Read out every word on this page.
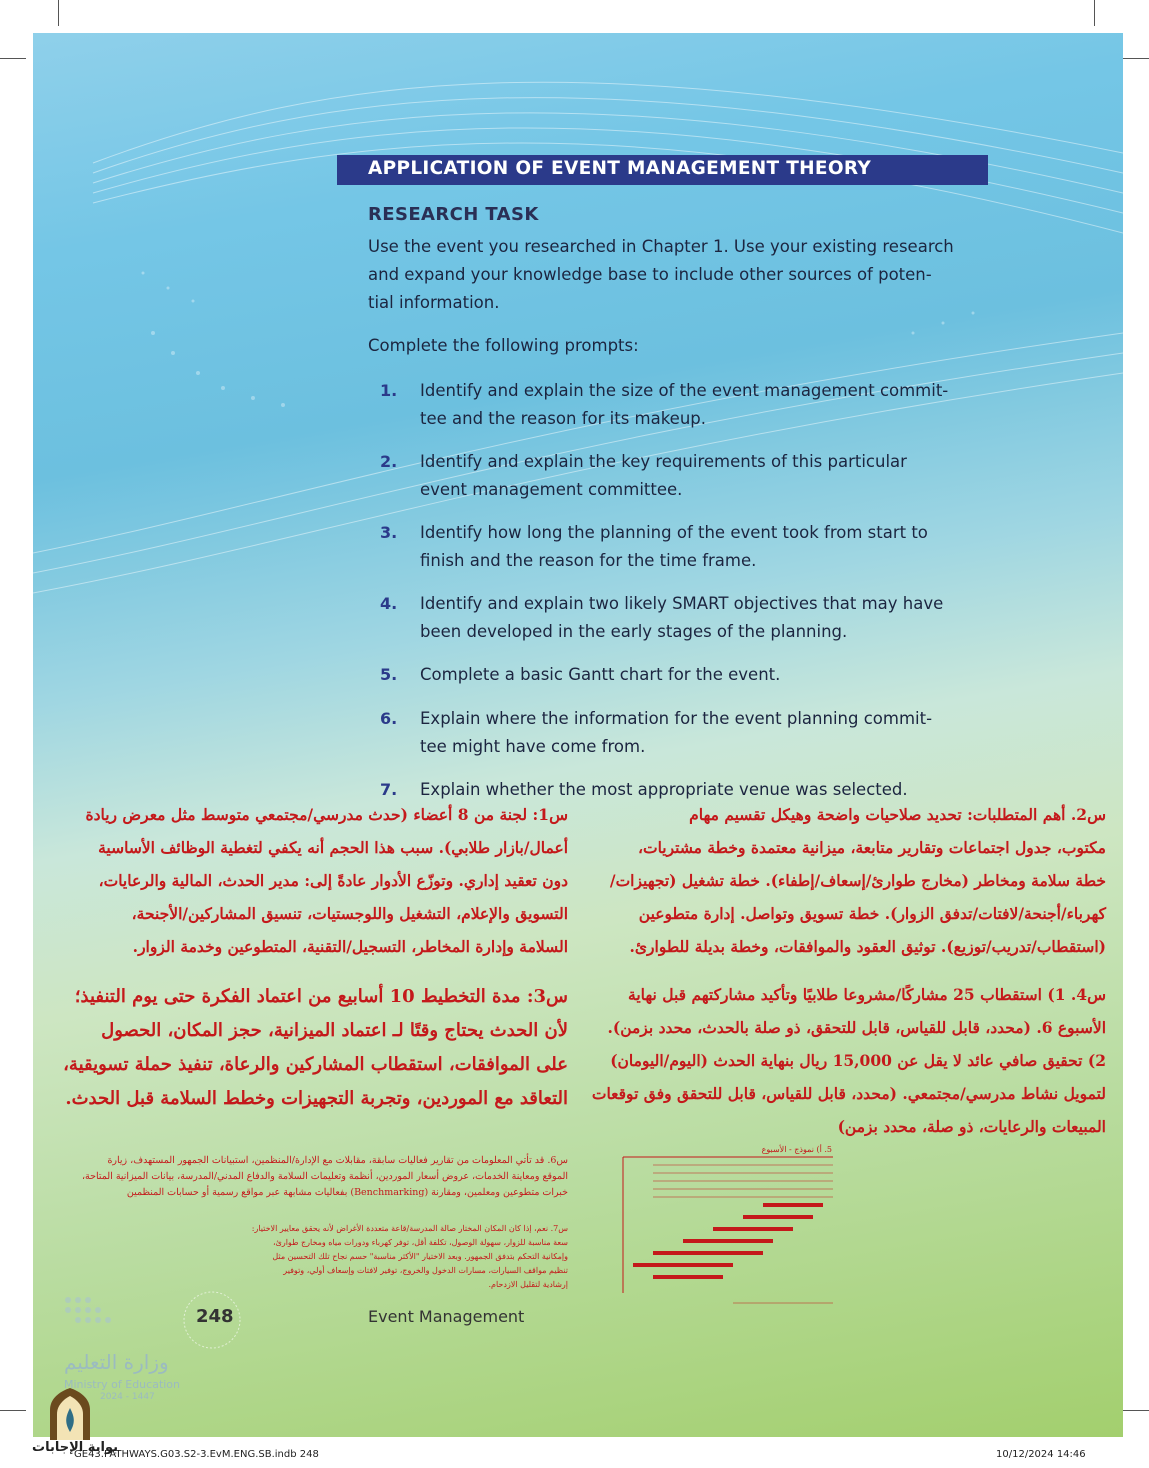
APPLICATION OF EVENT MANAGEMENT THEORY
RESEARCH TASK
Use the event you researched in Chapter 1. Use your existing research
and expand your knowledge base to include other sources of poten-
tial information.
Complete the following prompts:
1. Identify and explain the size of the event management commit-
tee and the reason for its makeup.
2. Identify and explain the key requirements of this particular
event management committee.
3. Identify how long the planning of the event took from start to
finish and the reason for the time frame.
4. Identify and explain two likely SMART objectives that may have
been developed in the early stages of the planning.
5. Complete a basic Gantt chart for the event.
6. Explain where the information for the event planning commit-
tee might have come from.
7. Explain whether the most appropriate venue was selected.
س1: لجنة من 8 أعضاء (حدث مدرسي/مجتمعي متوسط مثل معرض ريادة
أعمال/بازار طلابي). سبب هذا الحجم أنه يكفي لتغطية الوظائف الأساسية
دون تعقيد إداري. وتوزّع الأدوار عادةً إلى: مدير الحدث، المالية والرعايات،
التسويق والإعلام، التشغيل واللوجستيات، تنسيق المشاركين/الأجنحة،
السلامة وإدارة المخاطر، التسجيل/التقنية، المتطوعين وخدمة الزوار.
س2. أهم المتطلبات: تحديد صلاحيات واضحة وهيكل تقسيم مهام
مكتوب، جدول اجتماعات وتقارير متابعة، ميزانية معتمدة وخطة مشتريات،
خطة سلامة ومخاطر (مخارج طوارئ/إسعاف/إطفاء). خطة تشغيل (تجهيزات/
كهرباء/أجنحة/لافتات/تدفق الزوار). خطة تسويق وتواصل. إدارة متطوعين
(استقطاب/تدريب/توزيع). توثيق العقود والموافقات، وخطة بديلة للطوارئ.
س3: مدة التخطيط 10 أسابيع من اعتماد الفكرة حتى يوم التنفيذ؛
لأن الحدث يحتاج وقتًا لـ اعتماد الميزانية، حجز المكان، الحصول
على الموافقات، استقطاب المشاركين والرعاة، تنفيذ حملة تسويقية،
التعاقد مع الموردين، وتجربة التجهيزات وخطط السلامة قبل الحدث.
س4. 1) استقطاب 25 مشاركًا/مشروعا طلابيًا وتأكيد مشاركتهم قبل نهاية
الأسبوع 6. (محدد، قابل للقياس، قابل للتحقق، ذو صلة بالحدث، محدد بزمن).
2) تحقيق صافي عائد لا يقل عن 15,000 ريال بنهاية الحدث (اليوم/اليومان)
لتمويل نشاط مدرسي/مجتمعي. (محدد، قابل للقياس، قابل للتحقق وفق توقعات
المبيعات والرعايات، ذو صلة، محدد بزمن)
س6. قد تأتي المعلومات من تقارير فعاليات سابقة، مقابلات مع الإدارة/المنظمين، استبيانات الجمهور المستهدف، زيارة
الموقع ومعاينة الخدمات، عروض أسعار الموردين، أنظمة وتعليمات السلامة والدفاع المدني/المدرسة، بيانات الميزانية المتاحة،
خبرات متطوعين ومعلمين، ومقارنة (Benchmarking) بفعاليات مشابهة عبر مواقع رسمية أو حسابات المنظمين
س7. نعم، إذا كان المكان المختار صالة المدرسة/قاعة متعددة الأغراض لأنه يحقق معايير الاختيار:
سعة مناسبة للزوار، سهولة الوصول، تكلفة أقل، توفر كهرباء ودورات مياه ومخارج طوارئ،
وإمكانية التحكم بتدفق الجمهور. وبعد الاختيار "الأكثر مناسبة" حسم نجاح تلك التحسين مثل
تنظيم مواقف السيارات، مسارات الدخول والخروج، توفير لافتات وإسعاف أولي، وتوفير
إرشادية لتقليل الازدحام.
5. أ) نموذج - الأسبوع
248	Event Management
وزارة التعليم
Ministry of Education
2024 - 1447
بوابة الإجابات
GE43.PATHWAYS.G03.S2-3.EvM.ENG.SB.indb 248	10/12/2024 14:46
